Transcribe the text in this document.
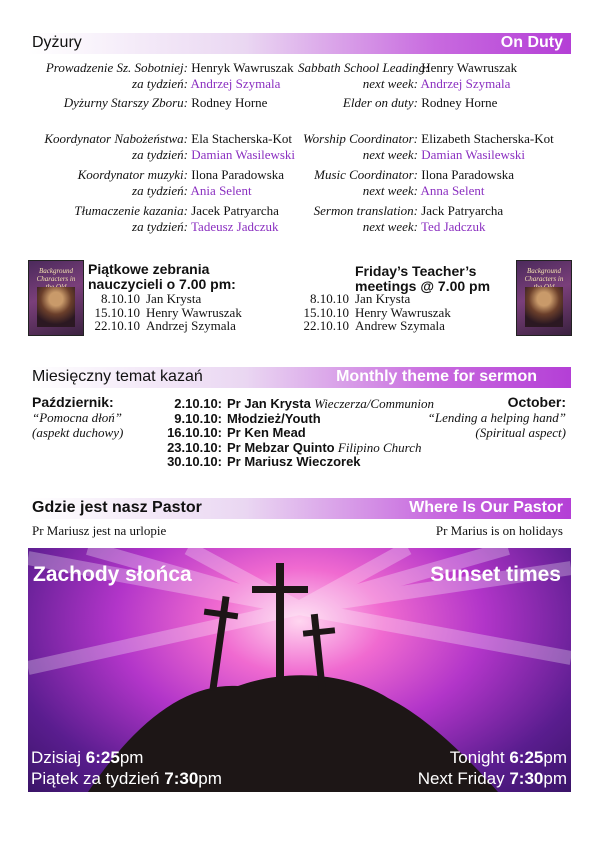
Dyżury	On Duty
Prowadzenie Sz. Sobotniej: Henryk Wawruszak
za tydzień: Andrzej Szymala
Dyżurny Starszy Zboru: Rodney Horne
Koordynator Nabożeństwa: Ela Stacherska-Kot
za tydzień: Damian Wasilewski
Koordynator muzyki: Ilona Paradowska
za tydzień: Ania Selent
Tłumaczenie kazania: Jacek Patryarcha
za tydzień: Tadeusz Jadczuk
Sabbath School Leading: Henry Wawruszak
next week: Andrzej Szymala
Elder on duty: Rodney Horne
Worship Coordinator: Elizabeth Stacherska-Kot
next week: Damian Wasilewski
Music Coordinator: Ilona Paradowska
next week: Anna Selent
Sermon translation: Jack Patryarcha
next week: Ted Jadczuk
Background Characters in
Piątkowe zebrania
nauczycieli o 7.00 pm:
8.10.10 Jan Krysta
15.10.10 Henry Wawruszak
22.10.10 Andrzej Szymala
Friday’s Teacher’s
meetings @ 7.00 pm
8.10.10 Jan Krysta
15.10.10 Henry Wawruszak
22.10.10 Andrew Szymala
Background Characters in
Miesięczny temat kazań	Monthly theme for sermon
Październik:
“Pomocna dłoń”
(aspekt duchowy)
October:
“Lending a helping hand”
(Spiritual aspect)
2.10.10: Pr Jan Krysta Wieczerza/Communion
9.10.10: Młodzież/Youth
16.10.10: Pr Ken Mead
23.10.10: Pr Mebzar Quinto Filipino Church
30.10.10: Pr Mariusz Wieczorek
Gdzie jest nasz Pastor	Where Is Our Pastor
Pr Mariusz jest na urlopie	Pr Marius is on holidays
Zachody słońca	Sunset times
Dzisiaj 6:25pm
Piątek za tydzień 7:30pm
Tonight 6:25pm
Next Friday 7:30pm
